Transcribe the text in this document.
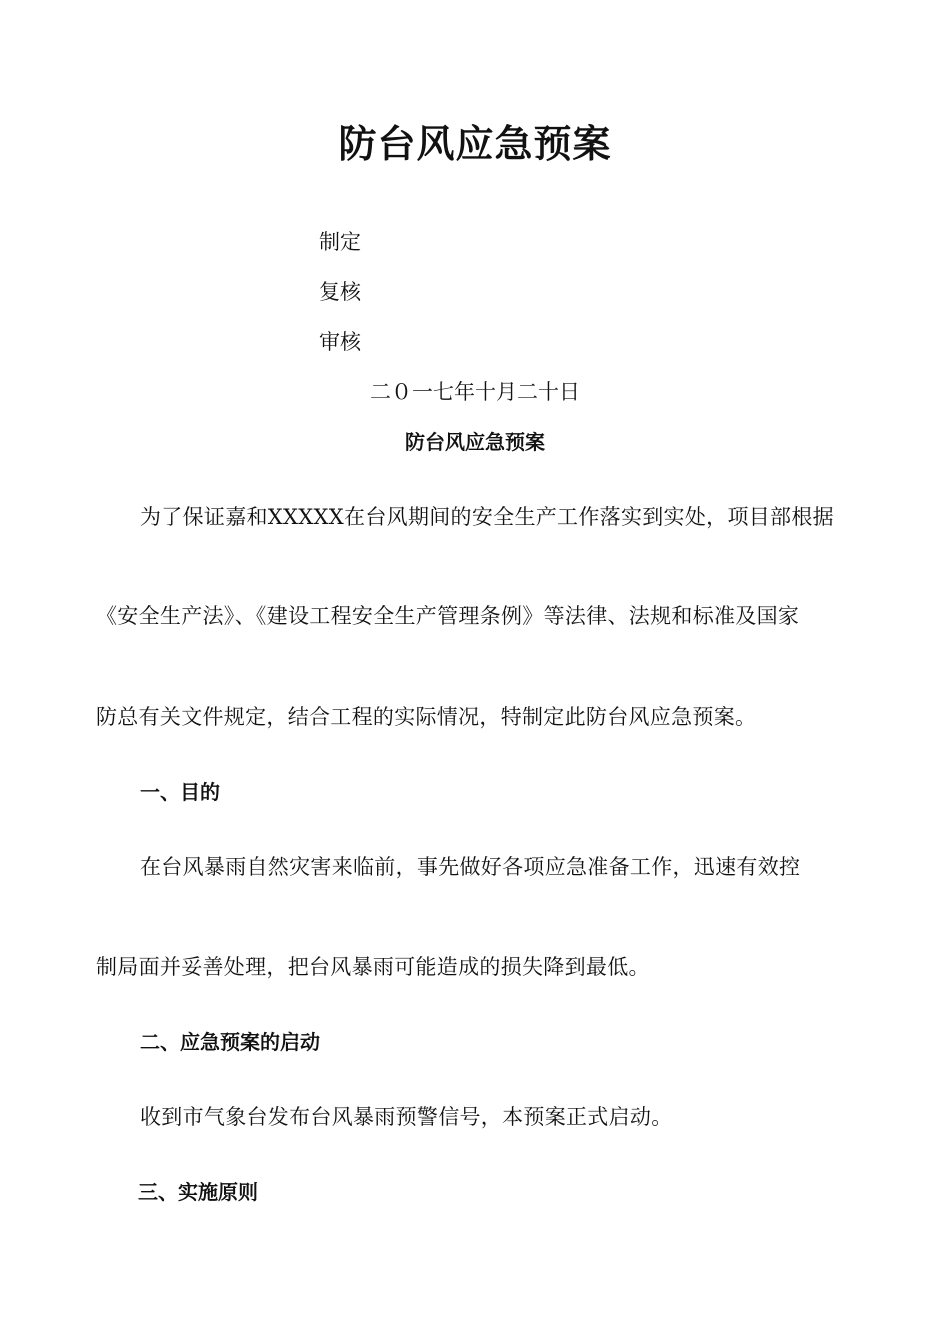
防台风应急预案
制定
复核
审核
二０一七年十月二十日
防台风应急预案
为了保证嘉和XXXXX在台风期间的安全生产工作落实到实处，项目部根据
《安全生产法》、《建设工程安全生产管理条例》等法律、法规和标准及国家
防总有关文件规定，结合工程的实际情况，特制定此防台风应急预案。
一、目的
在台风暴雨自然灾害来临前，事先做好各项应急准备工作，迅速有效控
制局面并妥善处理，把台风暴雨可能造成的损失降到最低。
二、应急预案的启动
收到市气象台发布台风暴雨预警信号，本预案正式启动。
三、实施原则
